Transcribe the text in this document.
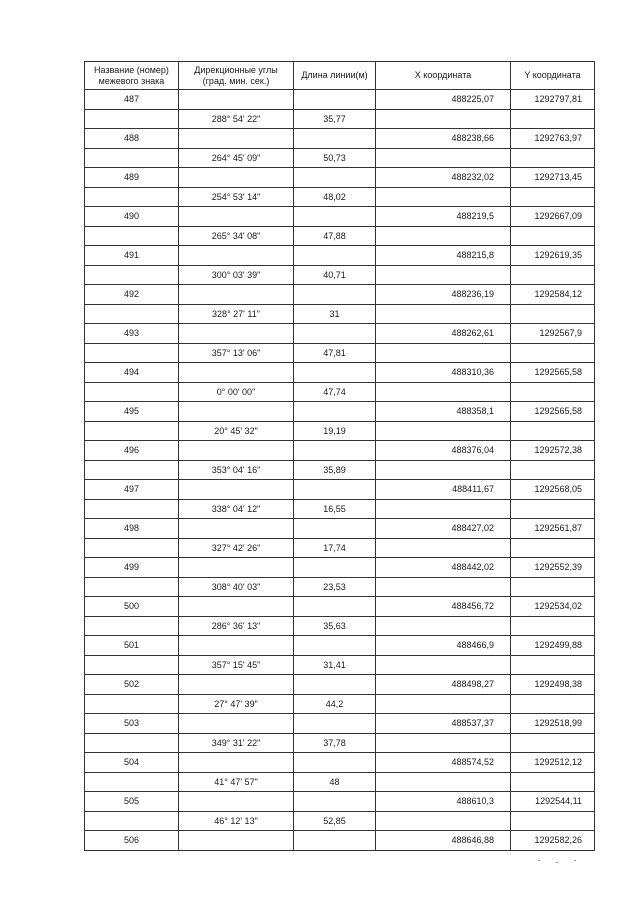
Название (номер) межевого знака	Дирекционные углы (град. мин. сек.)	Длина линии(м)	X координата	Y координата
487			488225,07	1292797,81
	288° 54' 22"	35,77		
488			488238,66	1292763,97
	264° 45' 09"	50,73		
489			488232,02	1292713,45
	254° 53' 14"	48,02		
490			488219,5	1292667,09
	265° 34' 08"	47,88		
491			488215,8	1292619,35
	300° 03' 39"	40,71		
492			488236,19	1292584,12
	328° 27' 11"	31		
493			488262,61	1292567,9
	357° 13' 06"	47,81		
494			488310,36	1292565,58
	0° 00' 00"	47,74		
495			488358,1	1292565,58
	20° 45' 32"	19,19		
496			488376,04	1292572,38
	353° 04' 16"	35,89		
497			488411,67	1292568,05
	338° 04' 12"	16,55		
498			488427,02	1292561,87
	327° 42' 26"	17,74		
499			488442,02	1292552,39
	308° 40' 03"	23,53		
500			488456,72	1292534,02
	286° 36' 13"	35,63		
501			488466,9	1292499,88
	357° 15' 45"	31,41		
502			488498,27	1292498,38
	27° 47' 39"	44,2		
503			488537,37	1292518,99
	349° 31' 22"	37,78		
504			488574,52	1292512,12
	41° 47' 57"	48		
505			488610,3	1292544,11
	46° 12' 13"	52,85		
506			488646,88	1292582,26
